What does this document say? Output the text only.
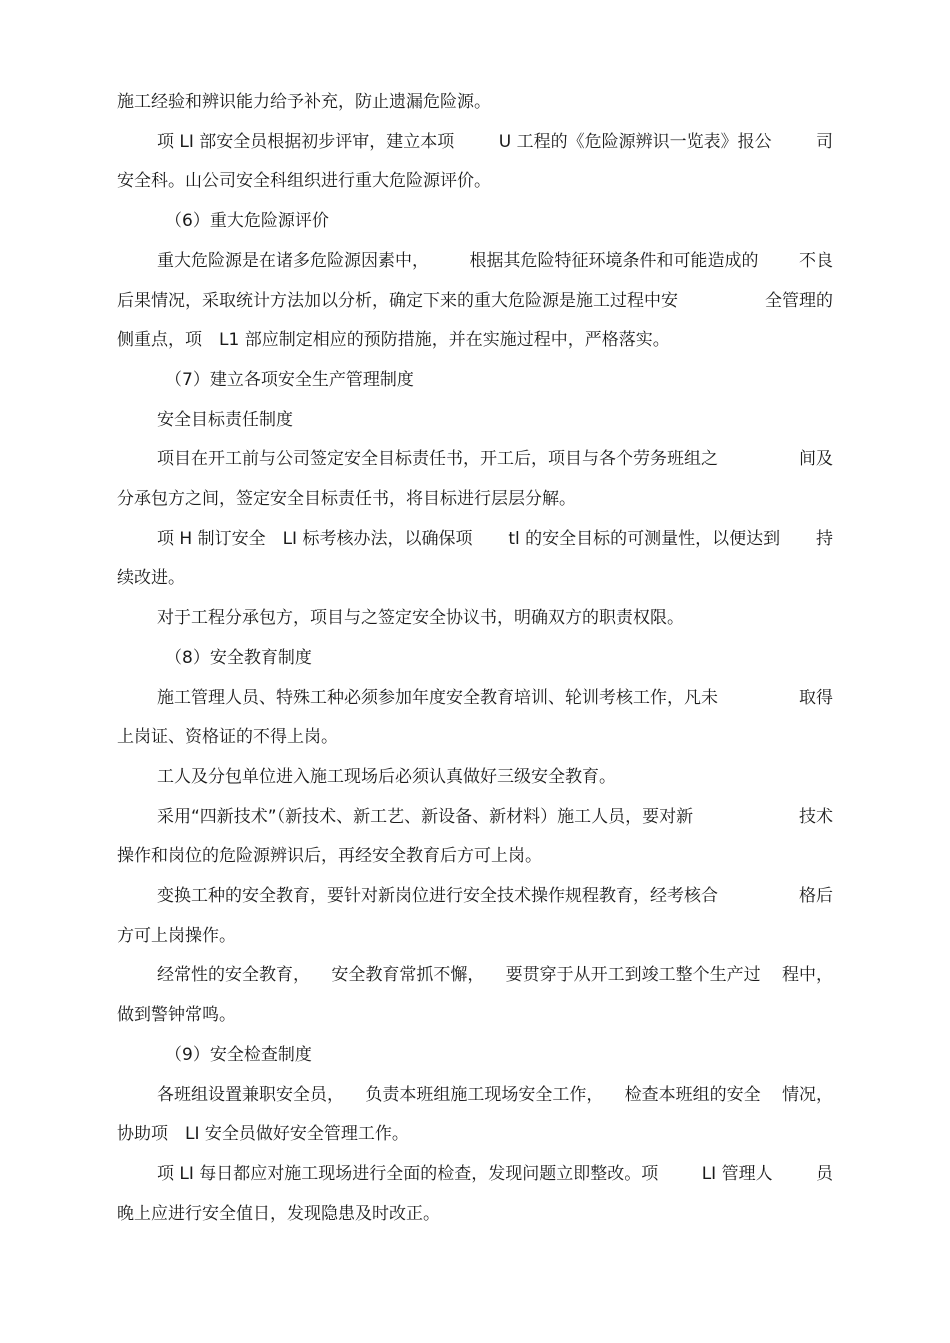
施工经验和辨识能力给予补充，防止遗漏危险源。
项 LI 部安全员根据初步评审，建立本项	U 工程的《危险源辨识一览表》报公	司
安全科。山公司安全科组织进行重大危险源评价。
（6）重大危险源评价
重大危险源是在诸多危险源因素中， 根据其危险特征环境条件和可能造成的 不良
后果情况，采取统计方法加以分析，确定下来的重大危险源是施工过程中安	全管理的
侧重点，项　L1 部应制定相应的预防措施，并在实施过程中，严格落实。
（7）建立各项安全生产管理制度
安全目标责任制度
项目在开工前与公司签定安全目标责任书，开工后，项目与各个劳务班组之	间及
分承包方之间，签定安全目标责任书，将目标进行层层分解。
项 H 制订安全　LI 标考核办法，以确保项 tl 的安全目标的可测量性，以便达到 持
续改进。
对于工程分承包方，项目与之签定安全协议书，明确双方的职责权限。
（8）安全教育制度
施工管理人员、特殊工种必须参加年度安全教育培训、轮训考核工作，凡未	取得
上岗证、资格证的不得上岗。
工人及分包单位进入施工现场后必须认真做好三级安全教育。
采用“四新技术”（新技术、新工艺、新设备、新材料）施工人员，要对新	技术
操作和岗位的危险源辨识后，再经安全教育后方可上岗。
变换工种的安全教育，要针对新岗位进行安全技术操作规程教育，经考核合	格后
方可上岗操作。
经常性的安全教育， 安全教育常抓不懈， 要贯穿于从开工到竣工整个生产过 程中，
做到警钟常鸣。
（9）安全检查制度
各班组设置兼职安全员， 负责本班组施工现场安全工作， 检查本班组的安全 情况，
协助项　LI 安全员做好安全管理工作。
项 LI 每日都应对施工现场进行全面的检查，发现问题立即整改。项	LI 管理人	员
晚上应进行安全值日，发现隐患及时改正。
